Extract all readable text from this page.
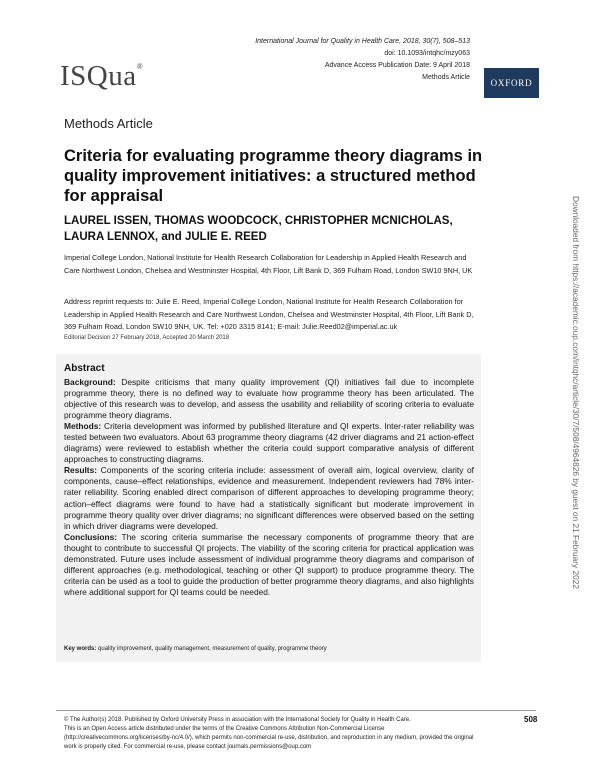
ISQua®
International Journal for Quality in Health Care, 2018, 30(7), 508–513
doi: 10.1093/intqhc/mzy063
Advance Access Publication Date: 9 April 2018
Methods Article
OXFORD
Methods Article
Criteria for evaluating programme theory diagrams in quality improvement initiatives: a structured method for appraisal
LAUREL ISSEN, THOMAS WOODCOCK, CHRISTOPHER MCNICHOLAS, LAURA LENNOX, and JULIE E. REED
Imperial College London, National Institute for Health Research Collaboration for Leadership in Applied Health Research and Care Northwest London, Chelsea and Westminster Hospital, 4th Floor, Lift Bank D, 369 Fulham Road, London SW10 9NH, UK
Address reprint requests to: Julie E. Reed, Imperial College London, National Institute for Health Research Collaboration for Leadership in Applied Health Research and Care Northwest London, Chelsea and Westminster Hospital, 4th Floor, Lift Bank D, 369 Fulham Road, London SW10 9NH, UK. Tel: +020 3315 8141; E-mail: Julie.Reed02@imperial.ac.uk
Editorial Decision 27 February 2018, Accepted 20 March 2018
Abstract

Background: Despite criticisms that many quality improvement (QI) initiatives fail due to incomplete programme theory, there is no defined way to evaluate how programme theory has been articulated. The objective of this research was to develop, and assess the usability and reliability of scoring criteria to evaluate programme theory diagrams.

Methods: Criteria development was informed by published literature and QI experts. Inter-rater reliability was tested between two evaluators. About 63 programme theory diagrams (42 driver diagrams and 21 action-effect diagrams) were reviewed to establish whether the criteria could support comparative analysis of different approaches to constructing diagrams.

Results: Components of the scoring criteria include: assessment of overall aim, logical overview, clarity of components, cause–effect relationships, evidence and measurement. Independent reviewers had 78% inter-rater reliability. Scoring enabled direct comparison of different approaches to developing programme theory; action–effect diagrams were found to have had a statistically significant but moderate improvement in programme theory quality over driver diagrams; no significant differences were observed based on the setting in which driver diagrams were developed.

Conclusions: The scoring criteria summarise the necessary components of programme theory that are thought to contribute to successful QI projects. The viability of the scoring criteria for practical application was demonstrated. Future uses include assessment of individual programme theory diagrams and comparison of different approaches (e.g. methodological, teaching or other QI support) to produce programme theory. The criteria can be used as a tool to guide the production of better programme theory diagrams, and also highlights where additional support for QI teams could be needed.

Key words: quality improvement, quality management, measurement of quality, programme theory
© The Author(s) 2018. Published by Oxford University Press in association with the International Society for Quality in Health Care.
This is an Open Access article distributed under the terms of the Creative Commons Attribution Non-Commercial License (http://creativecommons.org/licenses/by-nc/4.0/), which permits non-commercial re-use, distribution, and reproduction in any medium, provided the original work is properly cited. For commercial re-use, please contact journals.permissions@oup.com
508
Downloaded from https://academic.oup.com/intqhc/article/30/7/508/4964826 by guest on 21 February 2022
